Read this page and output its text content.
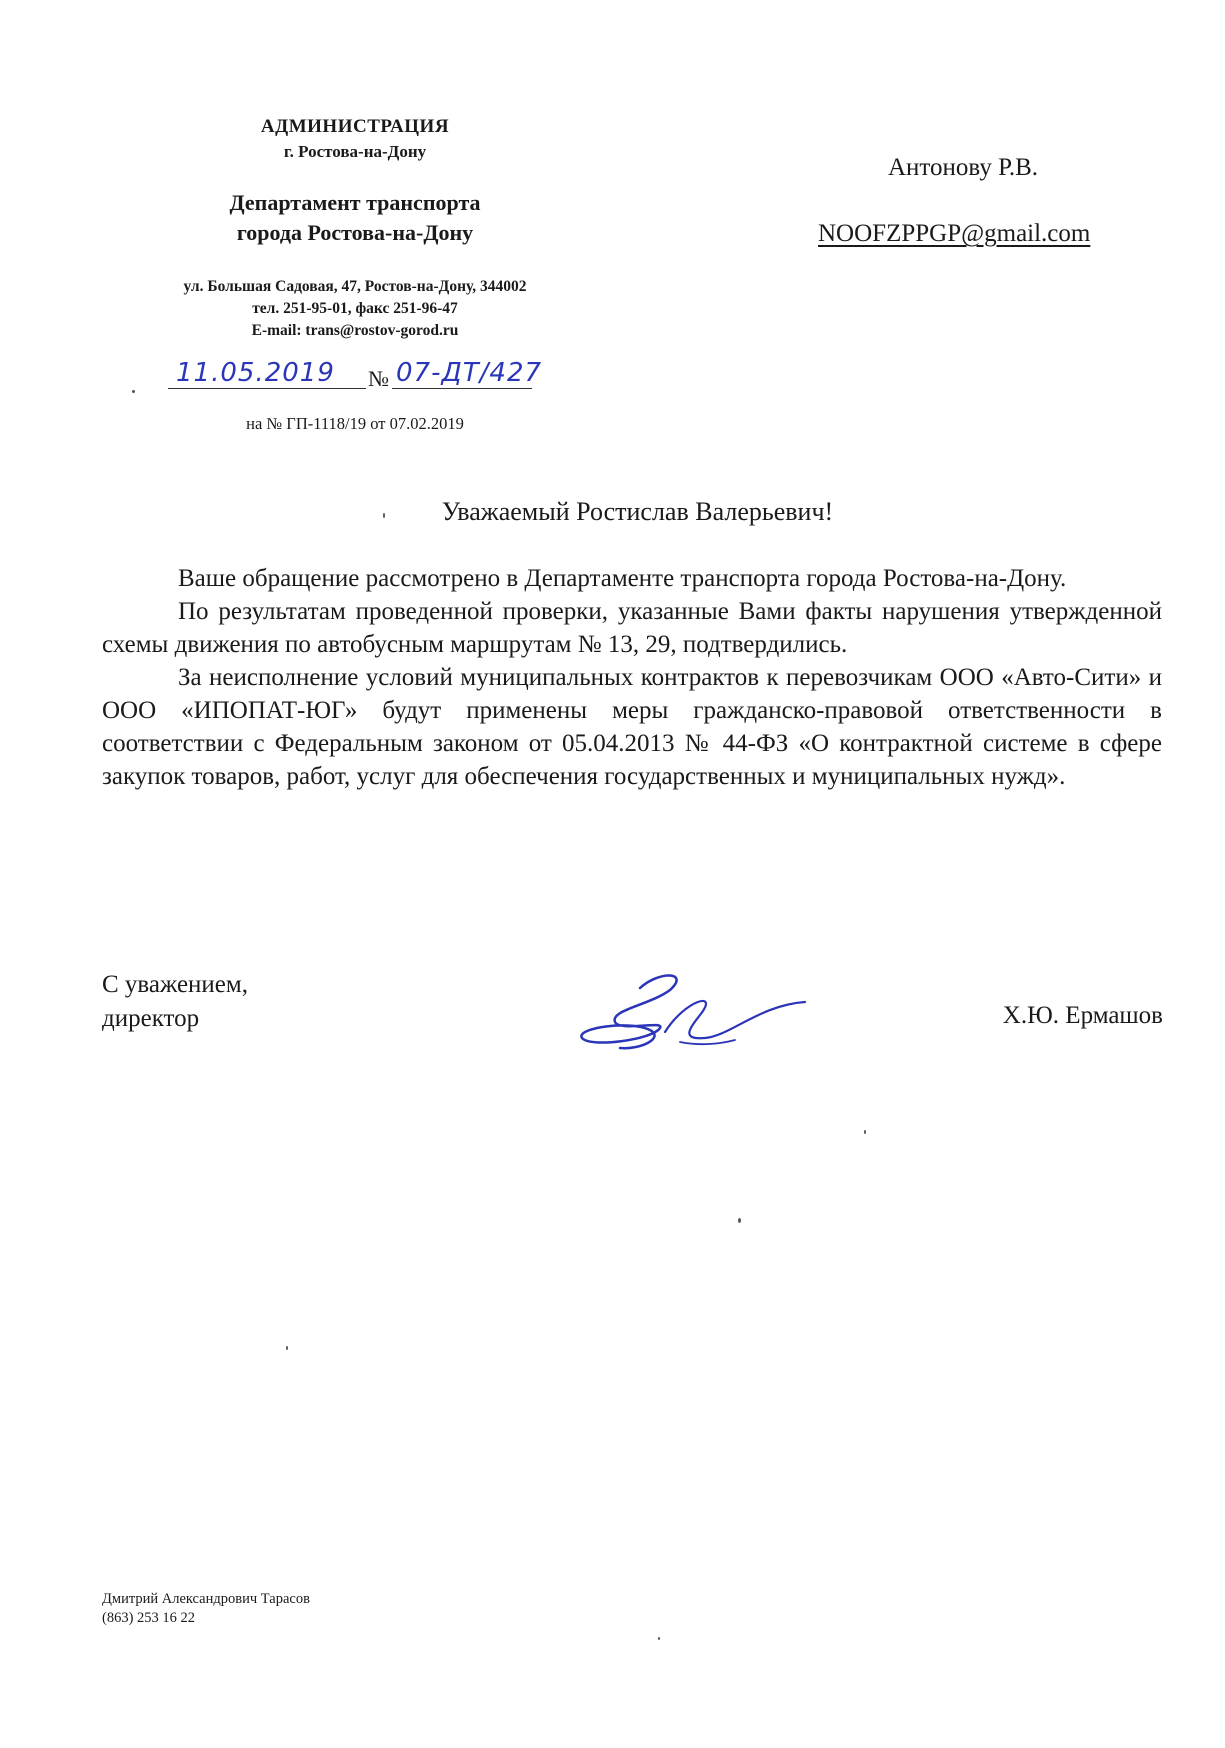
АДМИНИСТРАЦИЯ
г. Ростова-на-Дону
Департамент транспорта
города Ростова-на-Дону
ул. Большая Садовая, 47, Ростов-на-Дону, 344002
тел. 251-95-01, факс 251-96-47
E-mail: trans@rostov-gorod.ru
11.05.2019 № 07-ДТ/427
на № ГП-1118/19 от 07.02.2019
Антонову Р.В.
NOOFZPPGP@gmail.com
Уважаемый Ростислав Валерьевич!

Ваше обращение рассмотрено в Департаменте транспорта города Ростова-на-Дону.

По результатам проведенной проверки, указанные Вами факты нарушения утвержденной схемы движения по автобусным маршрутам № 13, 29, подтвердились.

За неисполнение условий муниципальных контрактов к перевозчикам ООО «Авто-Сити» и ООО «ИПОПАТ-ЮГ» будут применены меры гражданско-правовой ответственности в соответствии с Федеральным законом от 05.04.2013 № 44-ФЗ «О контрактной системе в сфере закупок товаров, работ, услуг для обеспечения государственных и муниципальных нужд».

С уважением,
директор	Х.Ю. Ермашов
Дмитрий Александрович Тарасов
(863) 253 16 22
